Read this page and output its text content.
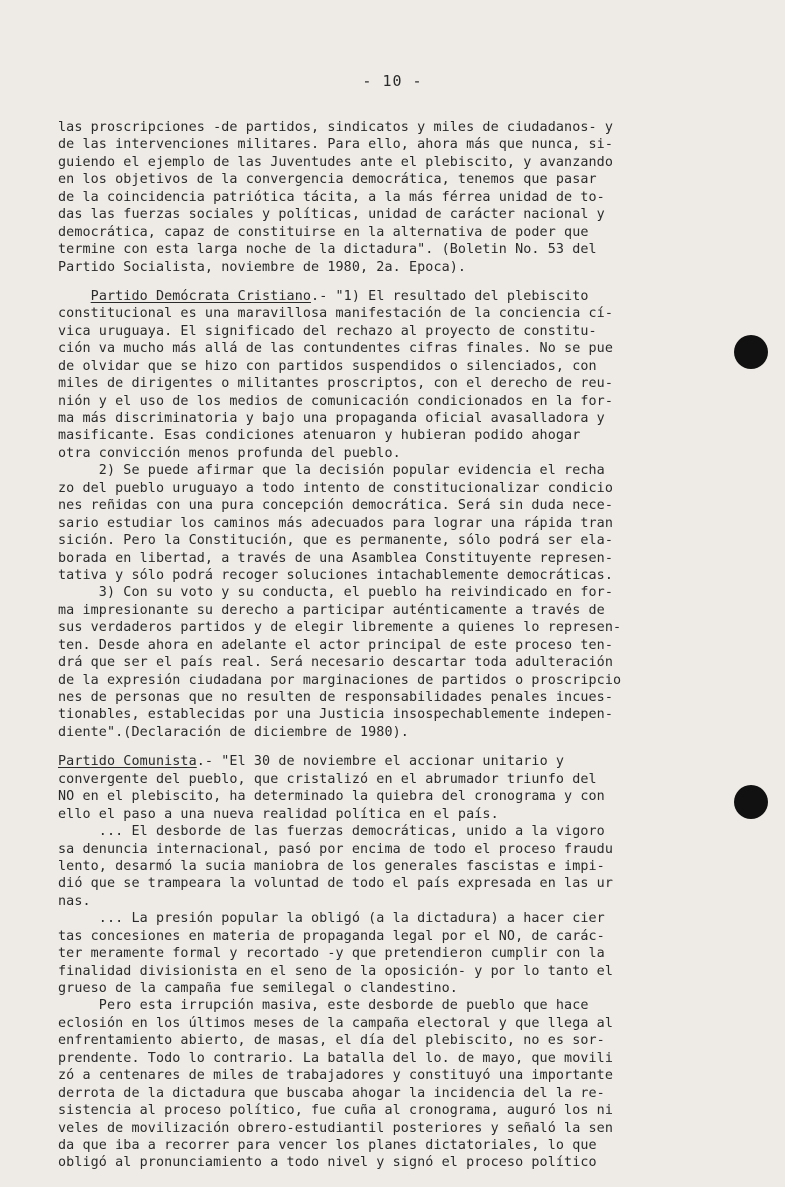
- 10 -
las proscripciones -de partidos, sindicatos y miles de ciudadanos- y
de las intervenciones militares. Para ello, ahora más que nunca, si-
guiendo el ejemplo de las Juventudes ante el plebiscito, y avanzando
en los objetivos de la convergencia democrática, tenemos que pasar
de la coincidencia patriótica tácita, a la más férrea unidad de to-
das las fuerzas sociales y políticas, unidad de carácter nacional y
democrática, capaz de constituirse en la alternativa de poder que
termine con esta larga noche de la dictadura". (Boletin No. 53 del
Partido Socialista, noviembre de 1980, 2a. Epoca).
Partido Demócrata Cristiano.- "1) El resultado del plebiscito
constitucional es una maravillosa manifestación de la conciencia cí-
vica uruguaya. El significado del rechazo al proyecto de constitu-
ción va mucho más allá de las contundentes cifras finales. No se pue
de olvidar que se hizo con partidos suspendidos o silenciados, con
miles de dirigentes o militantes proscriptos, con el derecho de reu-
nión y el uso de los medios de comunicación condicionados en la for-
ma más discriminatoria y bajo una propaganda oficial avasalladora y
masificante. Esas condiciones atenuaron y hubieran podido ahogar
otra convicción menos profunda del pueblo.
2) Se puede afirmar que la decisión popular evidencia el recha
zo del pueblo uruguayo a todo intento de constitucionalizar condicio
nes reñidas con una pura concepción democrática. Será sin duda nece-
sario estudiar los caminos más adecuados para lograr una rápida tran
sición. Pero la Constitución, que es permanente, sólo podrá ser ela-
borada en libertad, a través de una Asamblea Constituyente represen-
tativa y sólo podrá recoger soluciones intachablemente democráticas.
3) Con su voto y su conducta, el pueblo ha reivindicado en for-
ma impresionante su derecho a participar auténticamente a través de
sus verdaderos partidos y de elegir libremente a quienes lo represen-
ten. Desde ahora en adelante el actor principal de este proceso ten-
drá que ser el país real. Será necesario descartar toda adulteración
de la expresión ciudadana por marginaciones de partidos o proscripcio
nes de personas que no resulten de responsabilidades penales incues-
tionables, establecidas por una Justicia insospechablemente indepen-
diente".(Declaración de diciembre de 1980).
Partido Comunista.- "El 30 de noviembre el accionar unitario y
convergente del pueblo, que cristalizó en el abrumador triunfo del
NO en el plebiscito, ha determinado la quiebra del cronograma y con
ello el paso a una nueva realidad política en el país.
... El desborde de las fuerzas democráticas, unido a la vigoro
sa denuncia internacional, pasó por encima de todo el proceso fraudu
lento, desarmó la sucia maniobra de los generales fascistas e impi-
dió que se trampeara la voluntad de todo el país expresada en las ur
nas.
... La presión popular la obligó (a la dictadura) a hacer cier
tas concesiones en materia de propaganda legal por el NO, de carác-
ter meramente formal y recortado -y que pretendieron cumplir con la
finalidad divisionista en el seno de la oposición- y por lo tanto el
grueso de la campaña fue semilegal o clandestino.
Pero esta irrupción masiva, este desborde de pueblo que hace
eclosión en los últimos meses de la campaña electoral y que llega al
enfrentamiento abierto, de masas, el día del plebiscito, no es sor-
prendente. Todo lo contrario. La batalla del lo. de mayo, que movili
zó a centenares de miles de trabajadores y constituyó una importante
derrota de la dictadura que buscaba ahogar la incidencia del la re-
sistencia al proceso político, fue cuña al cronograma, auguró los ni
veles de movilización obrero-estudiantil posteriores y señaló la sen
da que iba a recorrer para vencer los planes dictatoriales, lo que
obligó al pronunciamiento a todo nivel y signó el proceso político
